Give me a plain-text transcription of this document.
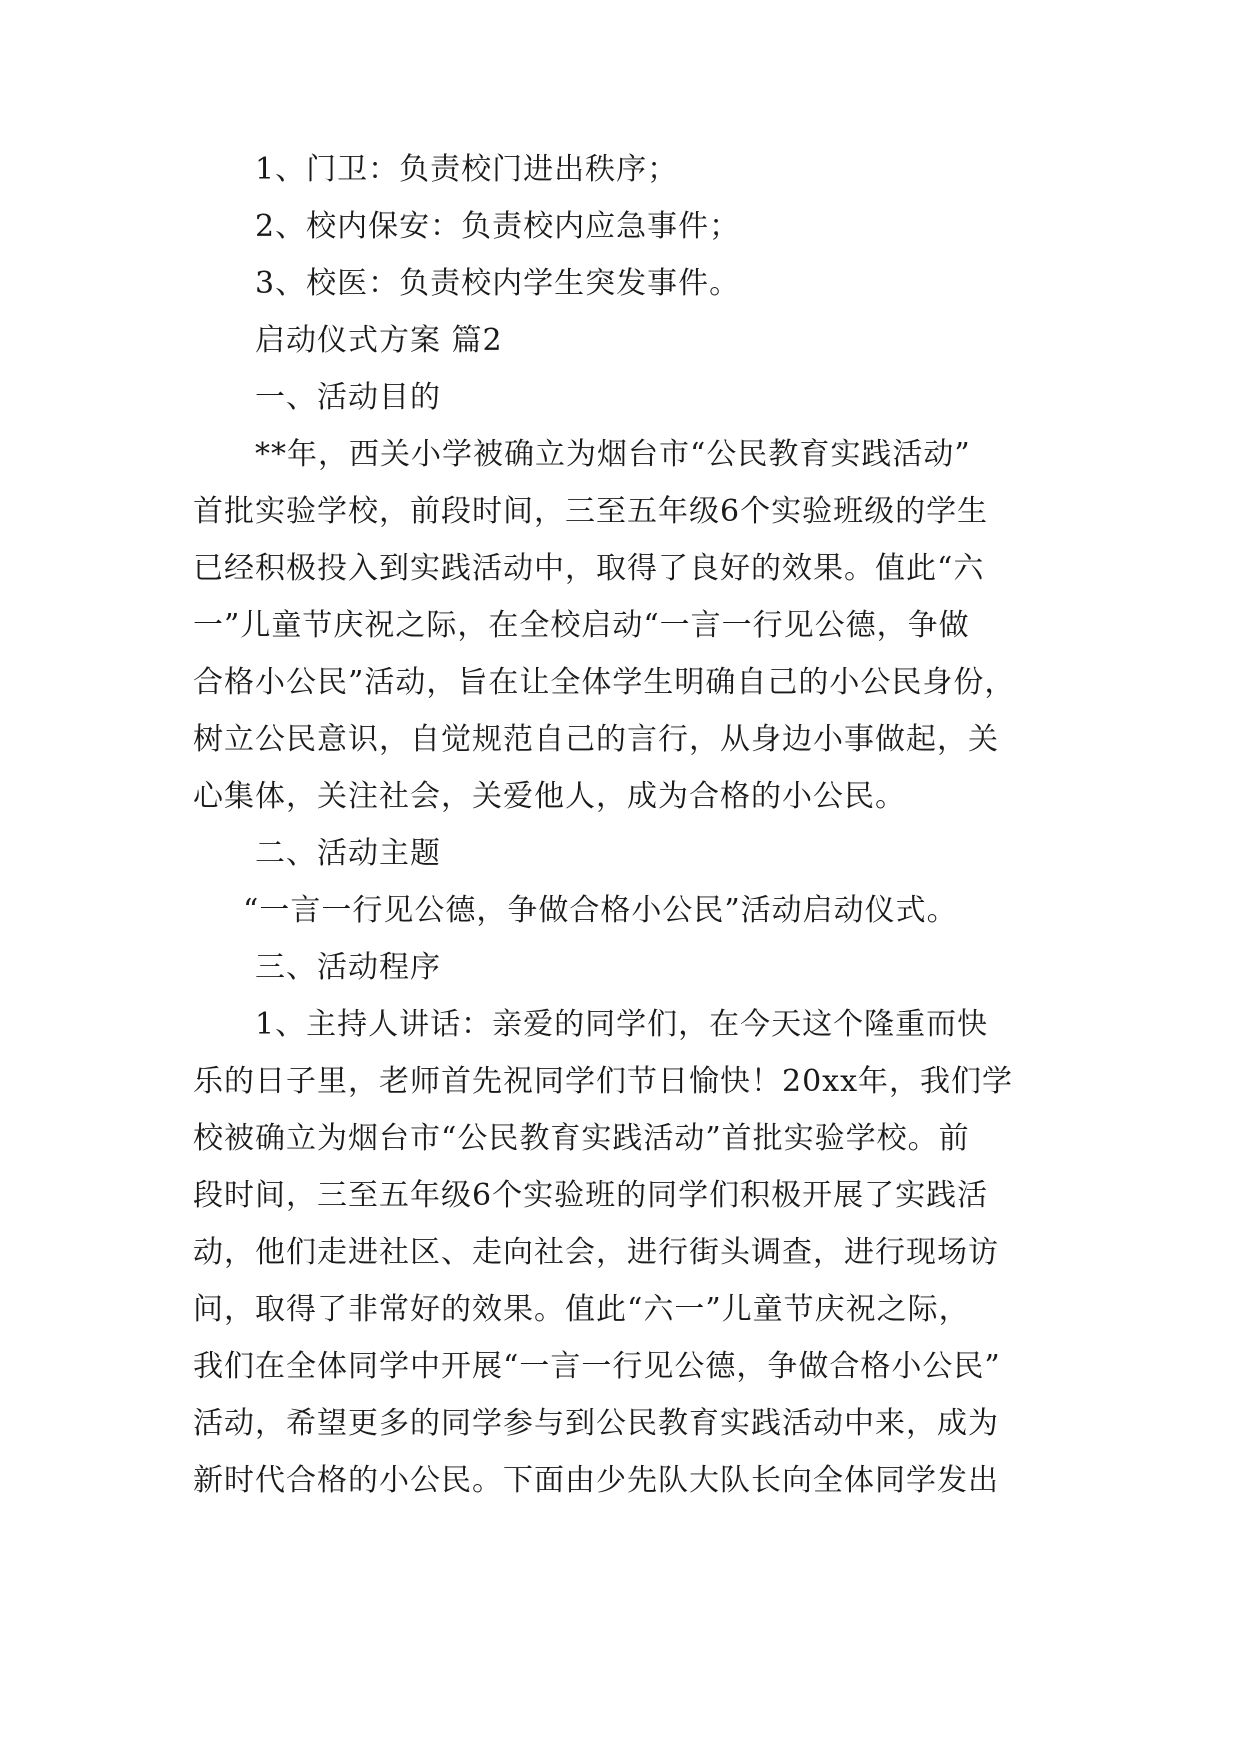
1、门卫：负责校门进出秩序；
2、校内保安：负责校内应急事件；
3、校医：负责校内学生突发事件。
启动仪式方案 篇2
一、活动目的
**年，西关小学被确立为烟台市“公民教育实践活动”
首批实验学校，前段时间，三至五年级6个实验班级的学生
已经积极投入到实践活动中，取得了良好的效果。值此“六
一”儿童节庆祝之际，在全校启动“一言一行见公德，争做
合格小公民”活动，旨在让全体学生明确自己的小公民身份，
树立公民意识，自觉规范自己的言行，从身边小事做起，关
心集体，关注社会，关爱他人，成为合格的小公民。
二、活动主题
“一言一行见公德，争做合格小公民”活动启动仪式。
三、活动程序
1、主持人讲话：亲爱的同学们，在今天这个隆重而快
乐的日子里，老师首先祝同学们节日愉快！20xx年，我们学
校被确立为烟台市“公民教育实践活动”首批实验学校。前
段时间，三至五年级6个实验班的同学们积极开展了实践活
动，他们走进社区、走向社会，进行街头调查，进行现场访
问，取得了非常好的效果。值此“六一”儿童节庆祝之际，
我们在全体同学中开展“一言一行见公德，争做合格小公民”
活动，希望更多的同学参与到公民教育实践活动中来，成为
新时代合格的小公民。下面由少先队大队长向全体同学发出
